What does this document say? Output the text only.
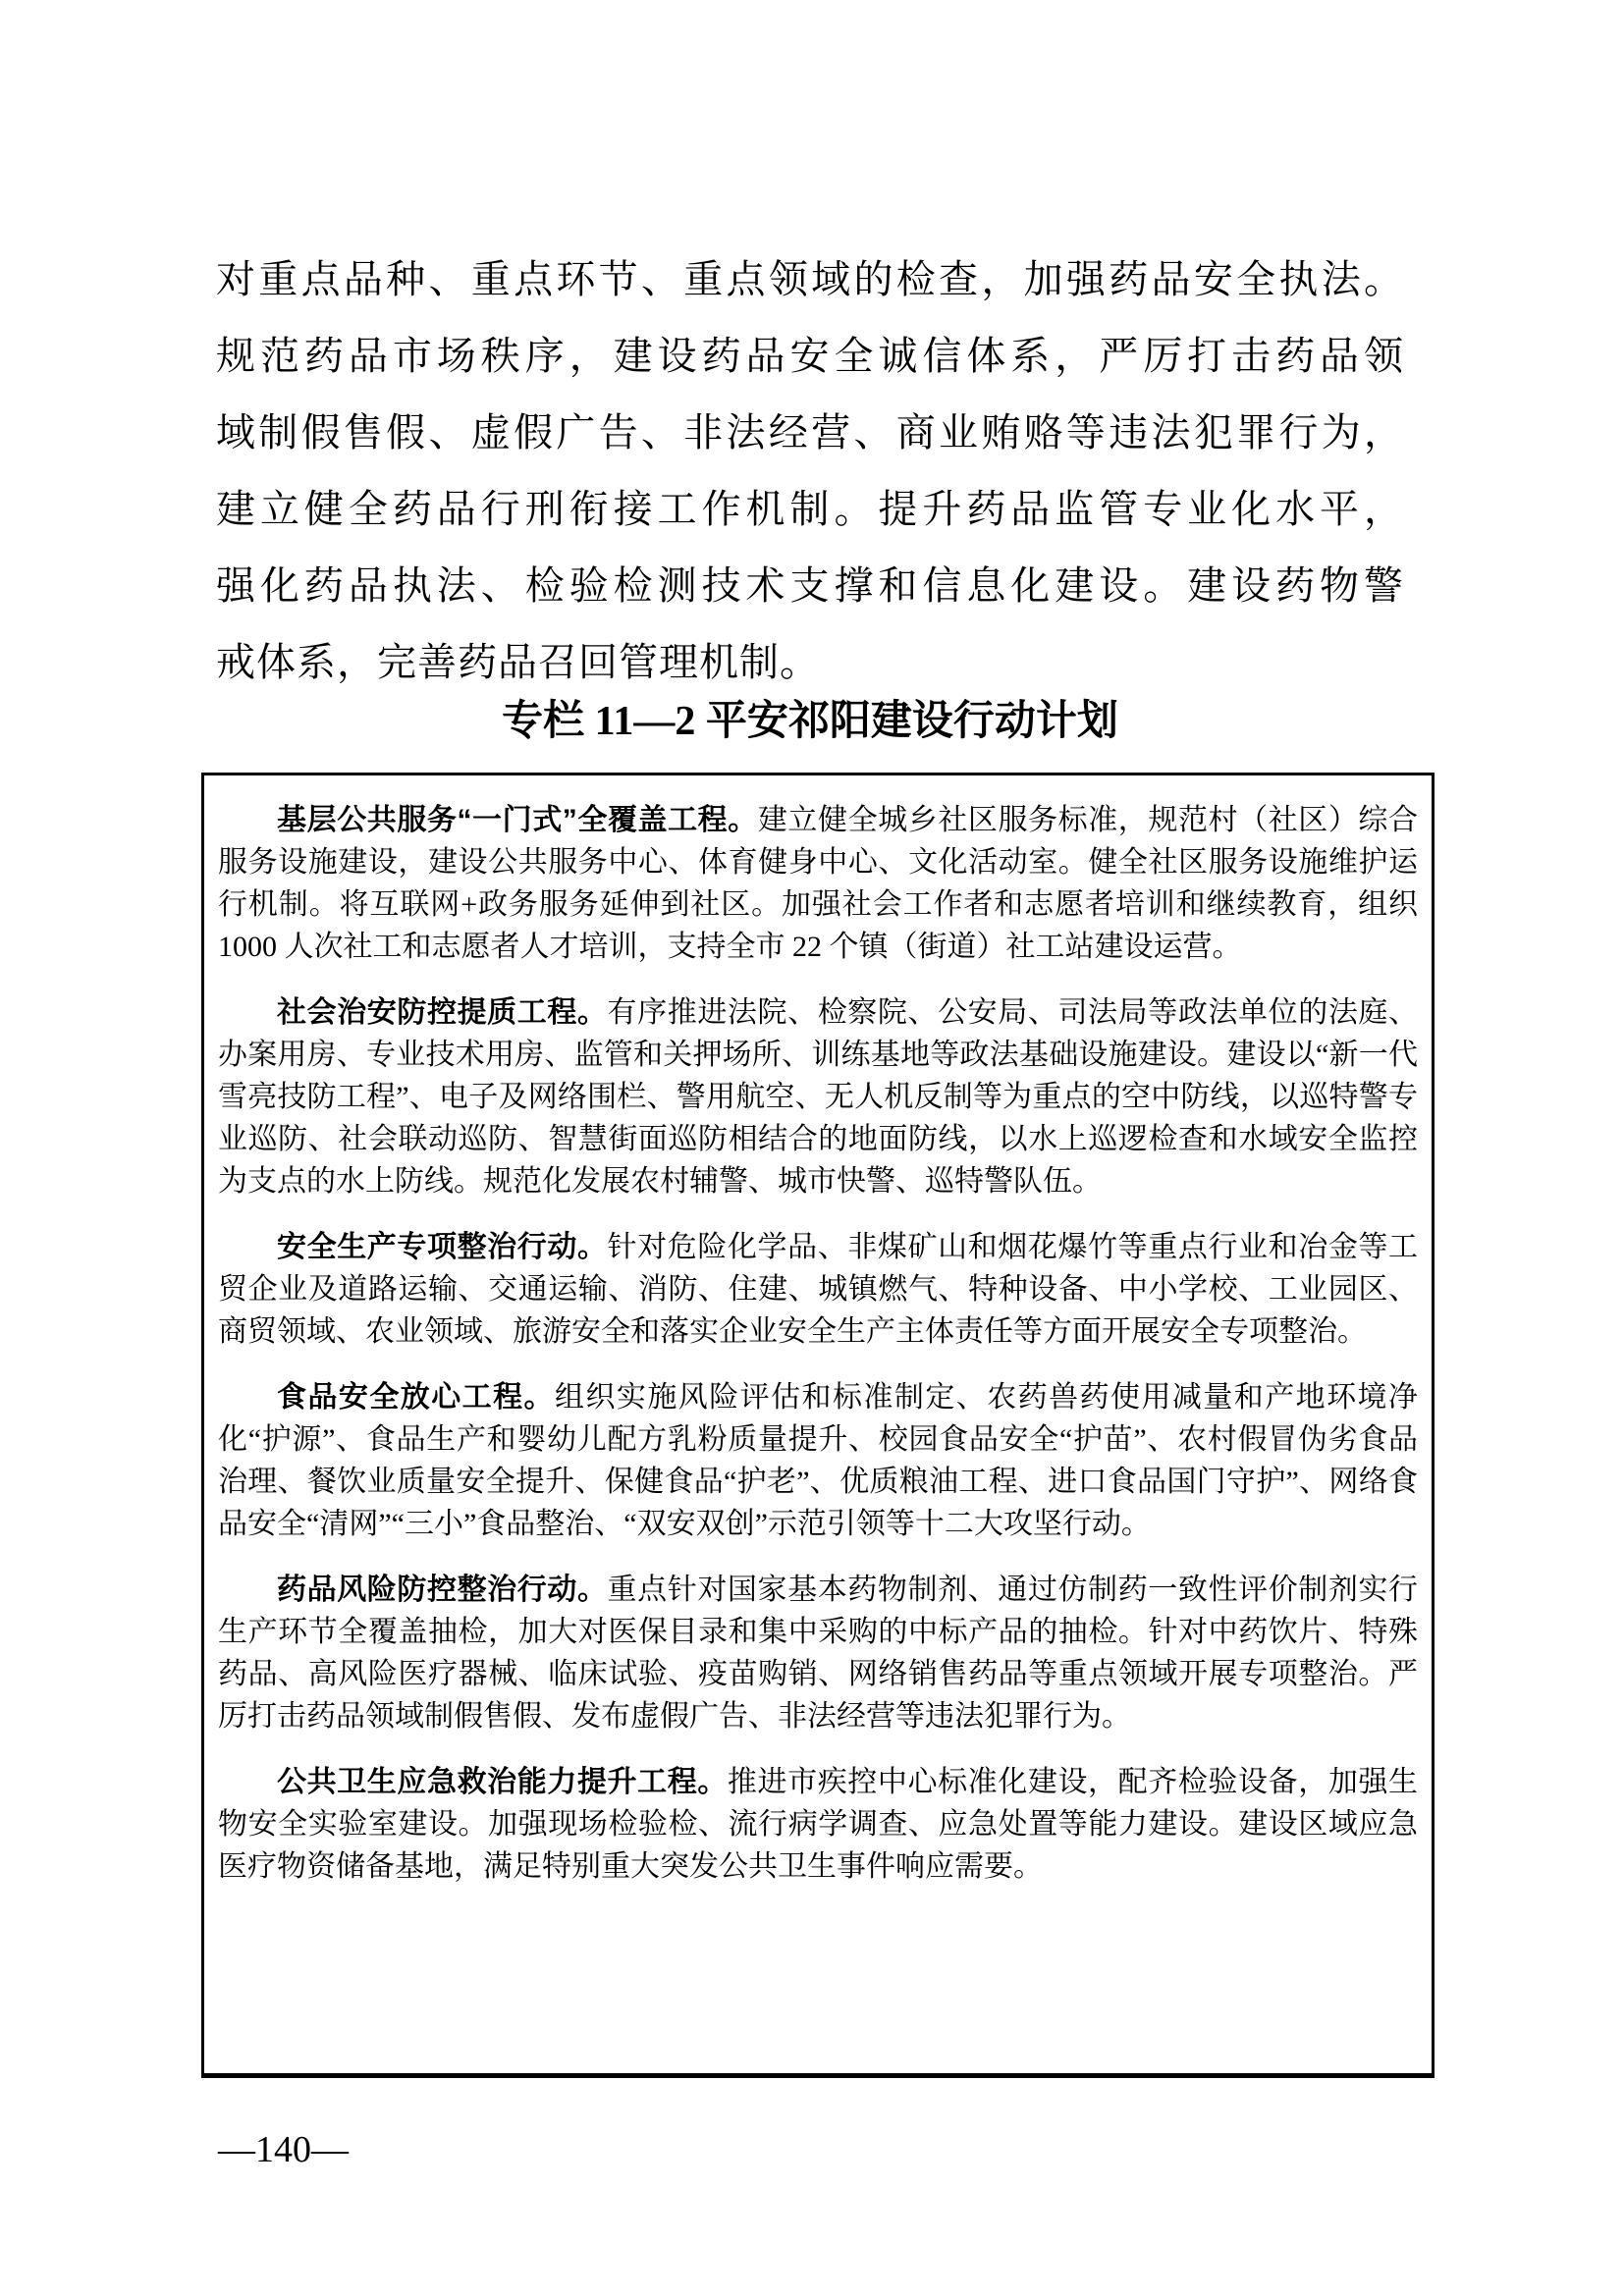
对重点品种、重点环节、重点领域的检查，加强药品安全执法。
规范药品市场秩序，建设药品安全诚信体系，严厉打击药品领
域制假售假、虚假广告、非法经营、商业贿赂等违法犯罪行为，
建立健全药品行刑衔接工作机制。提升药品监管专业化水平，
强化药品执法、检验检测技术支撑和信息化建设。建设药物警
戒体系，完善药品召回管理机制。
专栏 11—2 平安祁阳建设行动计划

基层公共服务“一门式”全覆盖工程。建立健全城乡社区服务标准，规范村（社区）综合服务设施建设，建设公共服务中心、体育健身中心、文化活动室。健全社区服务设施维护运行机制。将互联网+政务服务延伸到社区。加强社会工作者和志愿者培训和继续教育，组织 1000 人次社工和志愿者人才培训，支持全市 22 个镇（街道）社工站建设运营。

社会治安防控提质工程。有序推进法院、检察院、公安局、司法局等政法单位的法庭、办案用房、专业技术用房、监管和关押场所、训练基地等政法基础设施建设。建设以“新一代雪亮技防工程”、电子及网络围栏、警用航空、无人机反制等为重点的空中防线，以巡特警专业巡防、社会联动巡防、智慧街面巡防相结合的地面防线，以水上巡逻检查和水域安全监控为支点的水上防线。规范化发展农村辅警、城市快警、巡特警队伍。

安全生产专项整治行动。针对危险化学品、非煤矿山和烟花爆竹等重点行业和冶金等工贸企业及道路运输、交通运输、消防、住建、城镇燃气、特种设备、中小学校、工业园区、商贸领域、农业领域、旅游安全和落实企业安全生产主体责任等方面开展安全专项整治。

食品安全放心工程。组织实施风险评估和标准制定、农药兽药使用减量和产地环境净化“护源”、食品生产和婴幼儿配方乳粉质量提升、校园食品安全“护苗”、农村假冒伪劣食品治理、餐饮业质量安全提升、保健食品“护老”、优质粮油工程、进口食品国门守护”、网络食品安全“清网”“三小”食品整治、“双安双创”示范引领等十二大攻坚行动。

药品风险防控整治行动。重点针对国家基本药物制剂、通过仿制药一致性评价制剂实行生产环节全覆盖抽检，加大对医保目录和集中采购的中标产品的抽检。针对中药饮片、特殊药品、高风险医疗器械、临床试验、疫苗购销、网络销售药品等重点领域开展专项整治。严厉打击药品领域制假售假、发布虚假广告、非法经营等违法犯罪行为。

公共卫生应急救治能力提升工程。推进市疾控中心标准化建设，配齐检验设备，加强生物安全实验室建设。加强现场检验检、流行病学调查、应急处置等能力建设。建设区域应急医疗物资储备基地，满足特别重大突发公共卫生事件响应需要。

—140—
